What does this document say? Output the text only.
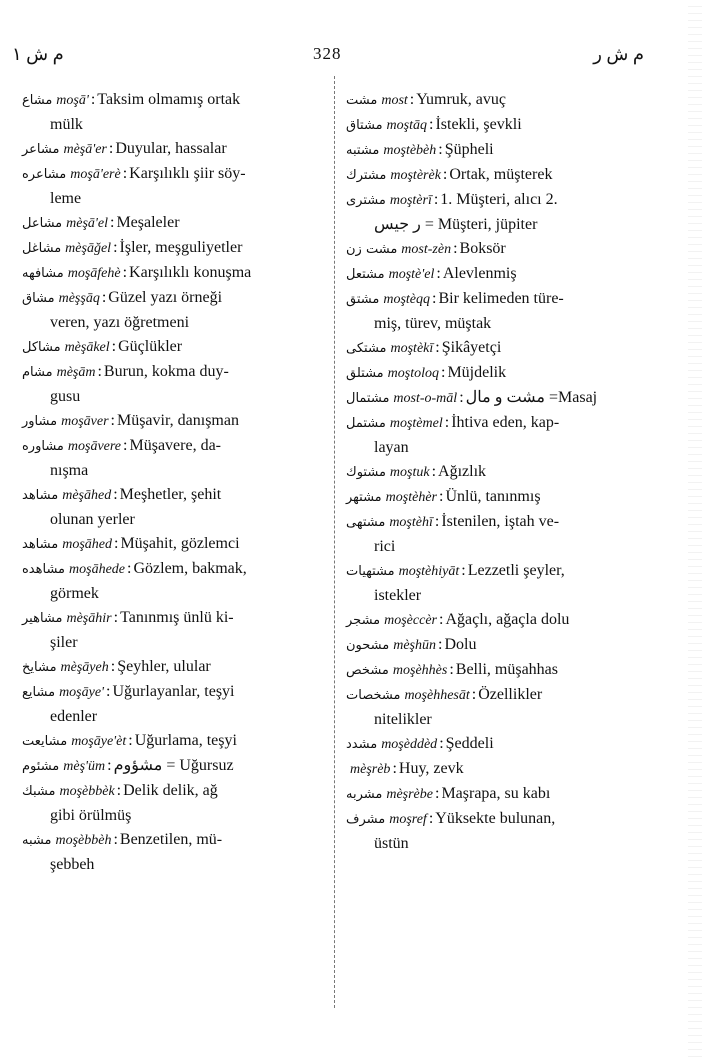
م ش ١	328	م ش ر
مشاع moşā' : Taksim olmamış ortak
mülk
مشاعر mèşā'er : Duyular, hassalar
مشاعره moşā'erè : Karşılıklı şiir söy-
leme
مشاعل mèşā'el : Meşaleler
مشاغل mèşāğel : İşler, meşguliyetler
مشافهه moşāfehè : Karşılıklı konuşma
مشاق mèşşāq : Güzel yazı örneği
veren, yazı öğretmeni
مشاكل mèşākel : Güçlükler
مشام mèşām : Burun, kokma duy-
gusu
مشاور moşāver : Müşavir, danışman
مشاوره moşāvere : Müşavere, da-
nışma
مشاهد mèşāhed : Meşhetler, şehit
olunan yerler
مشاهد moşāhed : Müşahit, gözlemci
مشاهده moşāhede : Gözlem, bakmak,
görmek
مشاهير mèşāhir : Tanınmış ünlü ki-
şiler
مشايخ mèşāyeh : Şeyhler, ulular
مشايع moşāye' : Uğurlayanlar, teşyi
edenler
مشايعت moşāye'èt : Uğurlama, teşyi
مشئوم mèş'üm : مشؤوم = Uğursuz
مشبك moşèbbèk : Delik delik, ağ
gibi örülmüş
مشبه moşèbbèh : Benzetilen, mü-
şebbeh
مشت most : Yumruk, avuç
مشتاق moştāq : İstekli, şevkli
مشتبه moştèbèh : Şüpheli
مشترك moştèrèk : Ortak, müşterek
مشترى moştèrī : 1. Müşteri, alıcı 2.
ر جيس = Müşteri, jüpiter
مشت زن most-zèn : Boksör
مشتعل moştè'el : Alevlenmiş
مشتق moştèqq : Bir kelimeden türe-
miş, türev, müştak
مشتكى moştèkī : Şikâyetçi
مشتلق moştoloq : Müjdelik
مشتمال most-o-māl : مشت و مال =Masaj
مشتمل moştèmel : İhtiva eden, kap-
layan
مشتوك moştuk : Ağızlık
مشتهر moştèhèr : Ünlü, tanınmış
مشتهى moştèhī : İstenilen, iştah ve-
rici
مشتهيات moştèhiyāt : Lezzetli şeyler,
istekler
مشجر moşèccèr : Ağaçlı, ağaçla dolu
مشحون mèşhūn : Dolu
مشخص moşèhhès : Belli, müşahhas
مشخصات moşèhhesāt : Özellikler
nitelikler
مشدد moşèddèd : Şeddeli
mèşrèb : Huy, zevk
مشربه mèşrèbe : Maşrapa, su kabı
مشرف moşref : Yüksekte bulunan,
üstün
